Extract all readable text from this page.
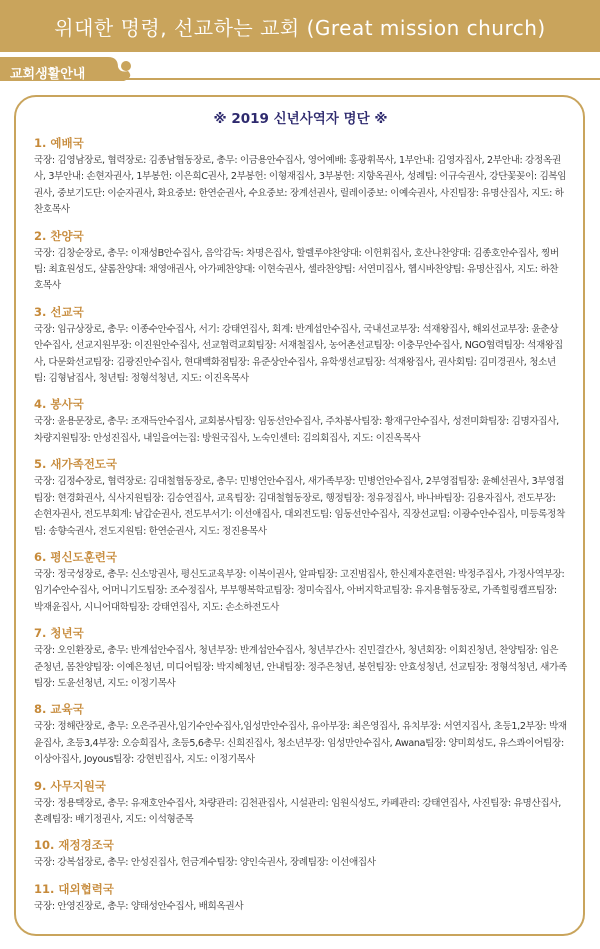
위대한 명령, 선교하는 교회 (Great mission church)
교회생활안내
※ 2019 신년사역자 명단 ※
1. 예배국

국장: 김영남장로, 협력장로: 김종남협동장로, 총무: 이금용안수집사, 영어예배: 홍광휘목사, 1부안내: 김영자집사, 2부안내: 강정옥권사, 3부안내: 손현자권사, 1부봉헌: 이은희C권사, 2부봉헌: 이형재집사, 3부봉헌: 지향옥권사, 성례팀: 이규숙권사, 강단꽃꽂이: 김복임권사, 중보기도단: 이순자권사, 화요중보: 한연순권사, 수요중보: 장계선권사, 릴레이중보: 이예숙권사, 사진팀장: 유명산집사, 지도: 하찬호목사

2. 찬양국

국장: 김창순장로, 총무: 이재성B안수집사, 음악감독: 차명은집사, 할렐루야찬양대: 이헌휘집사, 호산나찬양대: 김종호안수집사, 찡버팀: 최효원성도, 샬롬찬양대: 채영애권사, 아가페찬양대: 이현숙권사, 셀라찬양팀: 서연미집사, 헵시바찬양팀: 유명산집사, 지도: 하찬호목사

3. 선교국

국장: 임규상장로, 총무: 이종수안수집사, 서기: 강태연집사, 회계: 반계섭안수집사, 국내선교부장: 석재왕집사, 해외선교부장: 윤춘상안수집사, 선교지원부장: 이진원안수집사, 선교협력교회팀장: 서재철집사, 농어촌선교팀장: 이충무안수집사, NGO협력팀장: 석재왕집사, 다문화선교팀장: 김광진안수집사, 현대백화점팀장: 유준상안수집사, 유학생선교팀장: 석재왕집사, 권사회팀: 김미경권사, 청소년팀: 김형남집사, 청년팀: 정형석청년, 지도: 이진옥목사

4. 봉사국

국장: 윤용문장로, 총무: 조재득안수집사, 교회봉사팀장: 임동선안수집사, 주차봉사팀장: 황재구안수집사, 성전미화팀장: 김명자집사, 차량지원팀장: 안성진집사, 내일을여는집: 방원국집사, 노숙인센터: 김의회집사, 지도: 이진옥목사

5. 새가족전도국

국장: 김정수장로, 협력장로: 김대철협동장로, 총무: 민병언안수집사, 새가족부장: 민병언안수집사, 2부영접팀장: 윤혜선권사, 3부영접팀장: 현경화권사, 식사지원팀장: 김승연집사, 교육팀장: 김대철협동장로, 행정팀장: 정유정집사, 바나바팀장: 김용자집사, 전도부장: 손현자권사, 전도부회계: 남갑순권사, 전도부서기: 이선애집사, 대외전도팀: 임동선안수집사, 직장선교팀: 이광수안수집사, 미등록정착팀: 송향숙권사, 전도지원팀: 한연순권사, 지도: 정진용목사

6. 평신도훈련국

국장: 정국성장로, 총무: 신소망권사, 평신도교육부장: 이복이권사, 알파팀장: 고진범집사, 한신제자훈련원: 박정주집사, 가정사역부장: 임기수안수집사, 어머니기도팀장: 조수정집사, 부부행복학교팀장: 정미숙집사, 아버지학교팀장: 유지용협동장로, 가족힐링캠프팀장: 박재윤집사, 시니어대학팀장: 강태연집사, 지도: 손소하전도사

7. 청년국

국장: 오인환장로, 총무: 반계섭안수집사, 청년부장: 반계섭안수집사, 청년부간사: 진민결간사, 청년회장: 이회진청년, 찬양팀장: 임은준청년, 몸찬양팀장: 이예은청년, 미디어팀장: 박지혜청년, 안내팀장: 정주은청년, 봉헌팀장: 안효성청년, 선교팀장: 정형석청년, 새가족팀장: 도윤선청년, 지도: 이정기목사

8. 교육국

국장: 정해란장로, 총무: 오은주권사,임기수안수집사,임성만안수집사, 유아부장: 최은영집사, 유치부장: 서연지집사, 초등1,2부장: 박재윤집사, 초등3,4부장: 오승희집사, 초등5,6총무: 신희진집사, 청소년부장: 임성만안수집사, Awana팀장: 양미희성도, 유스콰이어팀장: 이상아집사, Joyous팀장: 강현빈집사, 지도: 이정기목사

9. 사무지원국

국장: 정용택장로, 총무: 유재호안수집사, 차량관리: 김천관집사, 시설관리: 임원식성도, 카페관리: 강태연집사, 사진팀장: 유명산집사, 혼례팀장: 배기정권사, 지도: 이석형준목

10. 재정경조국

국장: 강복섭장로, 총무: 안성진집사, 헌금계수팀장: 양인숙권사, 장례팀장: 이선애집사

11. 대외협력국

국장: 안영진장로, 총무: 양태성안수집사, 배희옥권사
